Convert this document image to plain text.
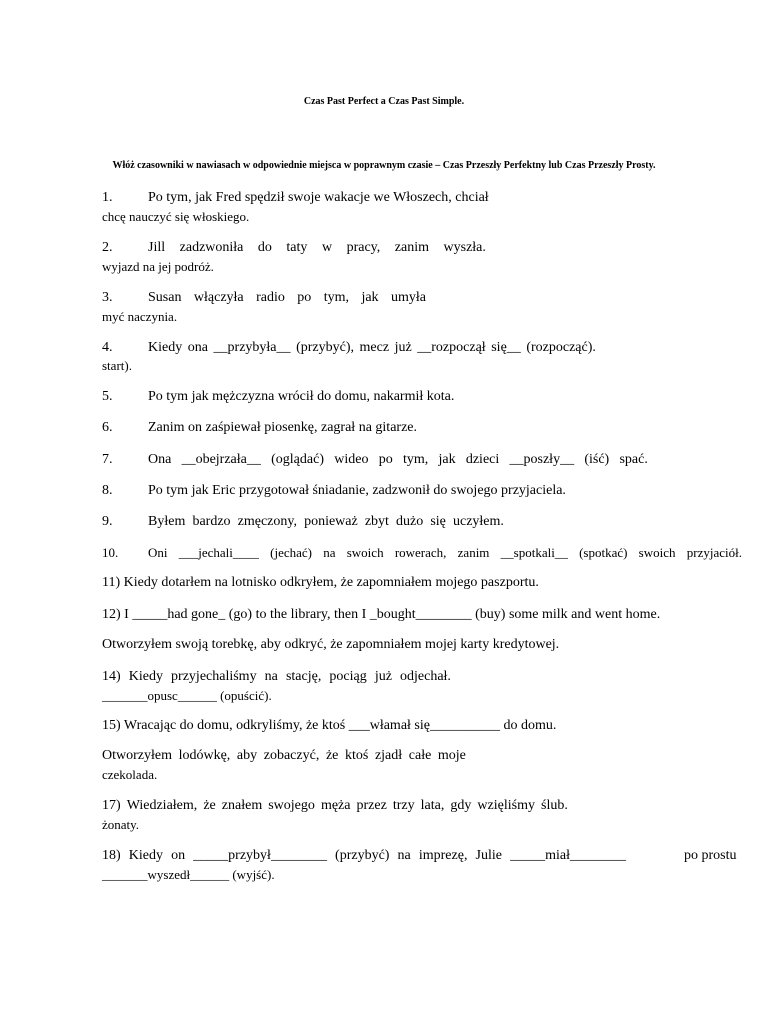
Czas Past Perfect a Czas Past Simple.
Włóż czasowniki w nawiasach w odpowiednie miejsca w poprawnym czasie – Czas Przeszły Perfektny lub Czas Przeszły Prosty.
1.	Po tym, jak Fred spędził swoje wakacje we Włoszech, chciał
chcę nauczyć się włoskiego.
2.	Jill zadzwoniła do taty w pracy, zanim wyszła.
wyjazd na jej podróż.
3.	Susan włączyła radio po tym, jak umyła
myć naczynia.
4.	Kiedy ona __przybyła__ (przybyć), mecz już __rozpoczął się__ (rozpocząć).
start).
5.	Po tym jak mężczyzna wrócił do domu, nakarmił kota.
6.	Zanim on zaśpiewał piosenkę, zagrał na gitarze.
7.	Ona __obejrzała__ (oglądać) wideo po tym, jak dzieci __poszły__ (iść) spać.
8.	Po tym jak Eric przygotował śniadanie, zadzwonił do swojego przyjaciela.
9.	Byłem bardzo zmęczony, ponieważ zbyt dużo się uczyłem.
10. Oni ___jechali____ (jechać) na swoich rowerach, zanim __spotkali__ (spotkać) swoich przyjaciół.
11) Kiedy dotarłem na lotnisko odkryłem, że zapomniałem mojego paszportu.
12) I _____had gone_ (go) to the library, then I _bought________ (buy) some milk and went home.
Otworzyłem swoją torebkę, aby odkryć, że zapomniałem mojej karty kredytowej.
14) Kiedy przyjechaliśmy na stację, pociąg już odjechał.
_______opusc______ (opuścić).
15) Wracając do domu, odkryliśmy, że ktoś ___włamał się__________ do domu.
Otworzyłem lodówkę, aby zobaczyć, że ktoś zjadł całe moje
czekolada.
17) Wiedziałem, że znałem swojego męża przez trzy lata, gdy wzięliśmy ślub.
żonaty.
18) Kiedy on _____przybył________ (przybyć) na imprezę, Julie _____miał________	po prostu
_______wyszedł______ (wyjść).
